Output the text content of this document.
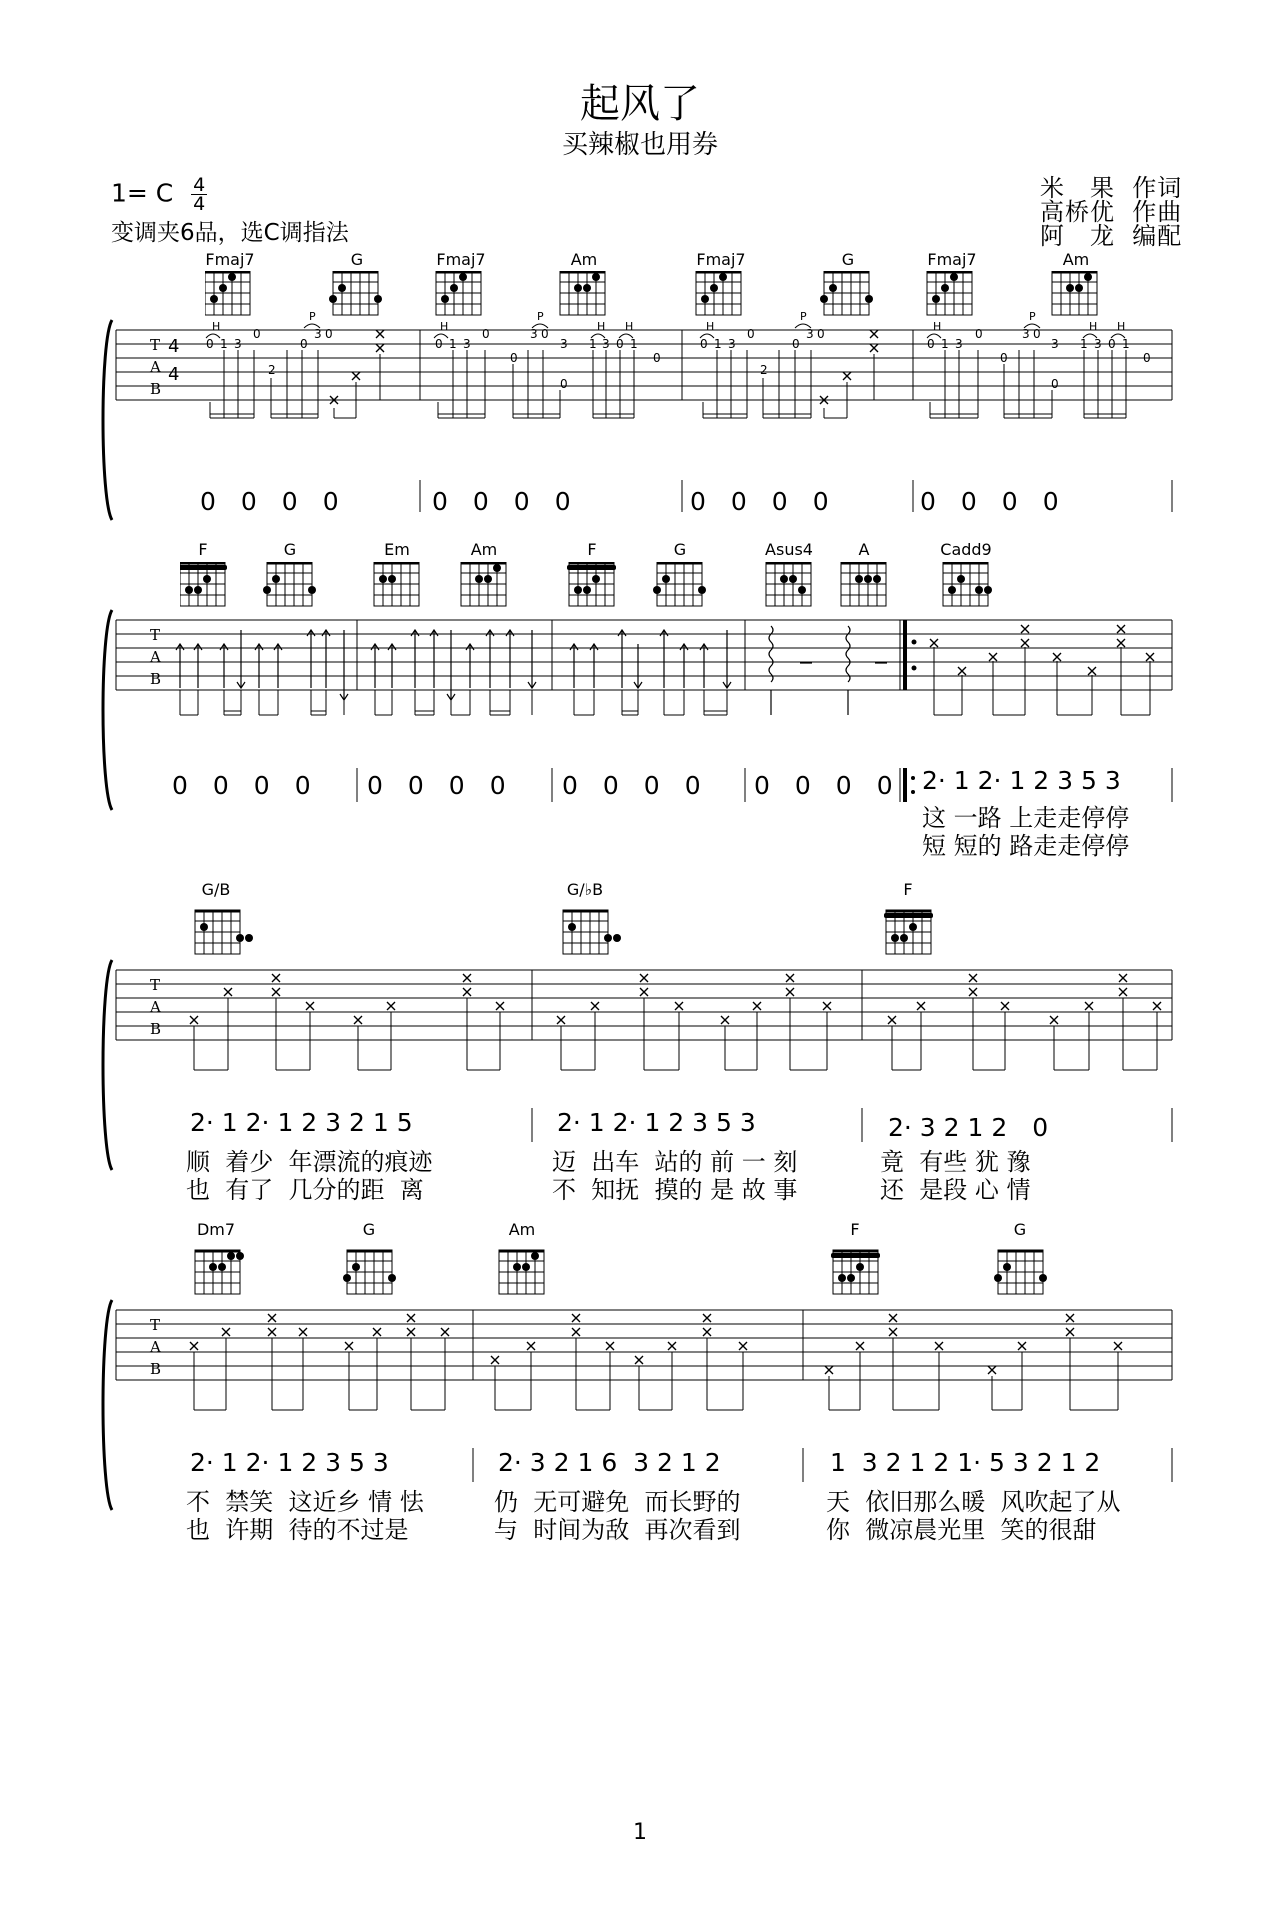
起风了
买辣椒也用券
1= C $\frac{4}{4}$
变调夹6品，选C调指法
米　果  作词
高桥优  作曲
阿　龙  编配
T
A
B
4
4
0 1 3
0
2
0
3 0
0 1 3
0
0
3 0
3
0
1 3 0 1
0
0 1 3
0
2
0
3 0
0 1 3
0
0
3 0
3
0
1 3 0 1
0
H
P
H
P
H H	H
P
H
P
H H
0　0　0　0	0　0　0　0	0　0　0　0	0　0　0　0
Fmaj7	G	Fmaj7	Am	Fmaj7	G	Fmaj7	Am
T
A
B
0　0　0　0 0　0　0　0 0　0　0　0 0　0　0　0 2· 1 2· 1 2 3 5 3
这 一路 上走走停停
短 短的 路走走停停
F	G	Em	Am	F	G	Asus4	A	Cadd9
T
A
B
2· 1 2· 1 2 3 2 1 5	2· 1 2· 1 2 3 5 3	2· 3 2 1 2　0
顺  着少  年漂流的痕迹	迈  出车  站的 前 一 刻	竟  有些 犹 豫
也  有了  几分的距  离	不  知抚  摸的 是 故 事	还  是段 心 情
G/B	G/♭B	F
T
A
B
2· 1 2· 1 2 3 5 3	2· 3 2 1 6  3 2 1 2	1  3 2 1 2 1· 5 3 2 1 2
不  禁笑  这近乡 情 怯	仍  无可避免  而长野的	天  依旧那么暖  风吹起了从
也  许期  待的不过是	与  时间为敌  再次看到	你  微凉晨光里  笑的很甜
Dm7	G	Am	F	G
1
